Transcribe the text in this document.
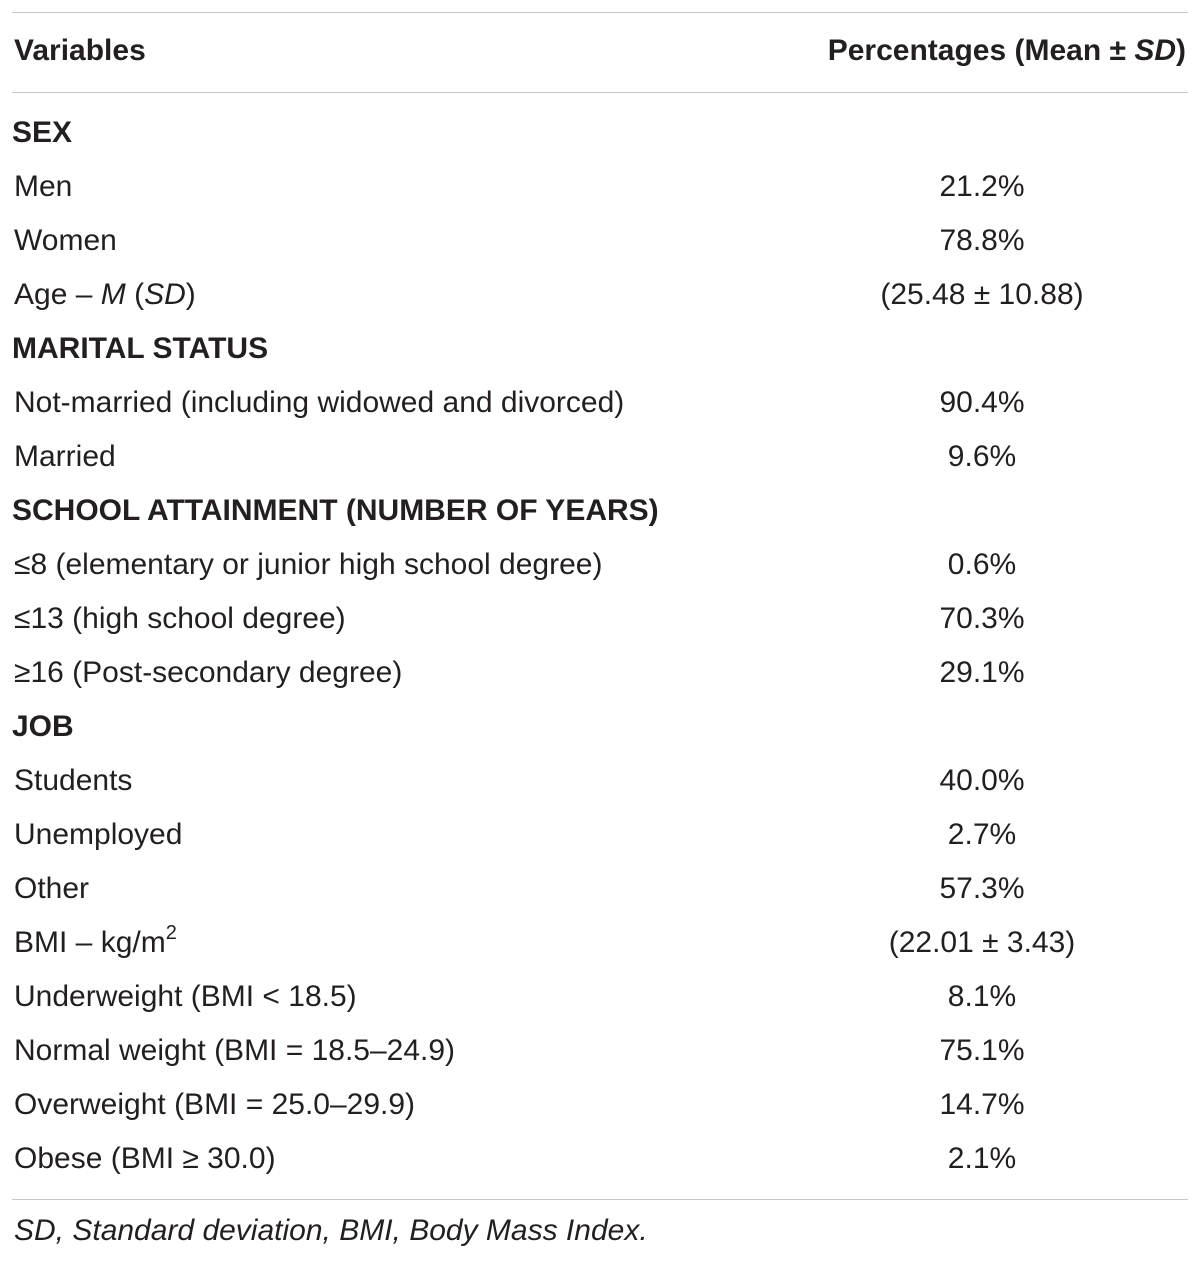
Variables	Percentages (Mean ± SD)
SEX
Men	21.2%
Women	78.8%
Age – M (SD)	(25.48 ± 10.88)
MARITAL STATUS
Not-married (including widowed and divorced)	90.4%
Married	9.6%
SCHOOL ATTAINMENT (NUMBER OF YEARS)
≤8 (elementary or junior high school degree)	0.6%
≤13 (high school degree)	70.3%
≥16 (Post-secondary degree)	29.1%
JOB
Students	40.0%
Unemployed	2.7%
Other	57.3%
BMI – $kg/m^2$	(22.01 ± 3.43)
Underweight (BMI < 18.5)	8.1%
Normal weight (BMI = 18.5–24.9)	75.1%
Overweight (BMI = 25.0–29.9)	14.7%
Obese (BMI ≥ 30.0)	2.1%
SD, Standard deviation, BMI, Body Mass Index.
